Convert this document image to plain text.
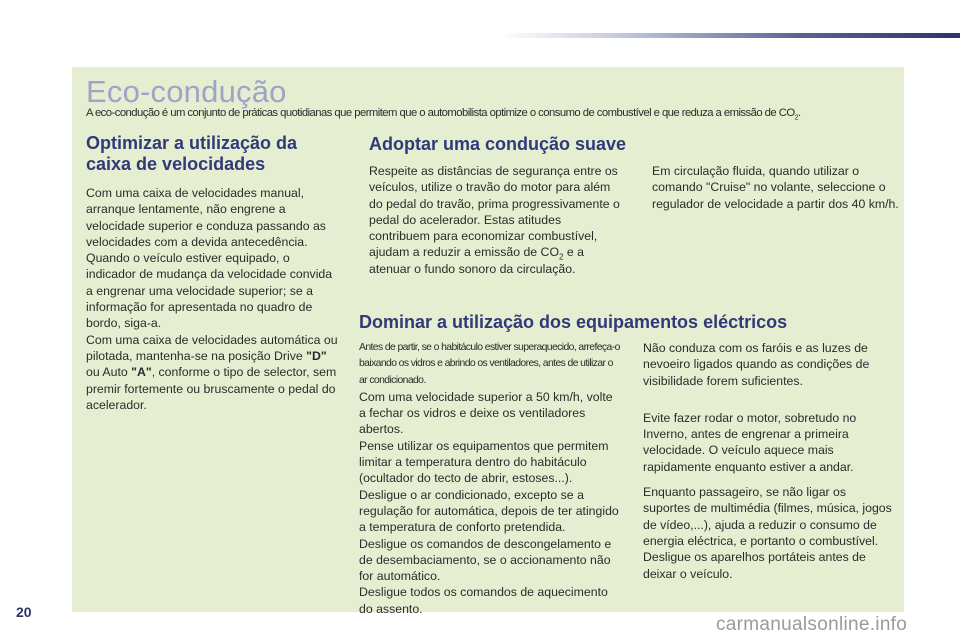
Eco-condução
A eco-condução é um conjunto de práticas quotidianas que permitem que o automobilista optimize o consumo de combustível e que reduza a emissão de $CO_2$.
Optimizar a utilização da caixa de velocidades

Com uma caixa de velocidades manual, arranque lentamente, não engrene a velocidade superior e conduza passando as velocidades com a devida antecedência. Quando o veículo estiver equipado, o indicador de mudança da velocidade convida a engrenar uma velocidade superior; se a informação for apresentada no quadro de bordo, siga-a.

Com uma caixa de velocidades automática ou pilotada, mantenha-se na posição Drive "D" ou Auto "A", conforme o tipo de selector, sem premir fortemente ou bruscamente o pedal do acelerador.

Adoptar uma condução suave

Respeite as distâncias de segurança entre os veículos, utilize o travão do motor para além do pedal do travão, prima progressivamente o pedal do acelerador. Estas atitudes contribuem para economizar combustível, ajudam a reduzir a emissão de $CO_2$ e a atenuar o fundo sonoro da circulação.

Em circulação fluida, quando utilizar o comando "Cruise" no volante, seleccione o regulador de velocidade a partir dos 40 km/h.

Dominar a utilização dos equipamentos eléctricos

Antes de partir, se o habitáculo estiver superaquecido, arrefeça-o baixando os vidros e abrindo os ventiladores, antes de utilizar o ar condicionado.

Com uma velocidade superior a 50 km/h, volte a fechar os vidros e deixe os ventiladores abertos.

Pense utilizar os equipamentos que permitem limitar a temperatura dentro do habitáculo (ocultador do tecto de abrir, estoses...).

Desligue o ar condicionado, excepto se a regulação for automática, depois de ter atingido a temperatura de conforto pretendida.

Desligue os comandos de descongelamento e de desembaciamento, se o accionamento não for automático.

Desligue todos os comandos de aquecimento do assento.

Não conduza com os faróis e as luzes de nevoeiro ligados quando as condições de visibilidade forem suficientes.

Evite fazer rodar o motor, sobretudo no Inverno, antes de engrenar a primeira velocidade. O veículo aquece mais rapidamente enquanto estiver a andar.

Enquanto passageiro, se não ligar os suportes de multimédia (filmes, música, jogos de vídeo,...), ajuda a reduzir o consumo de energia eléctrica, e portanto o combustível. Desligue os aparelhos portáteis antes de deixar o veículo.

20
carmanualsonline.info
